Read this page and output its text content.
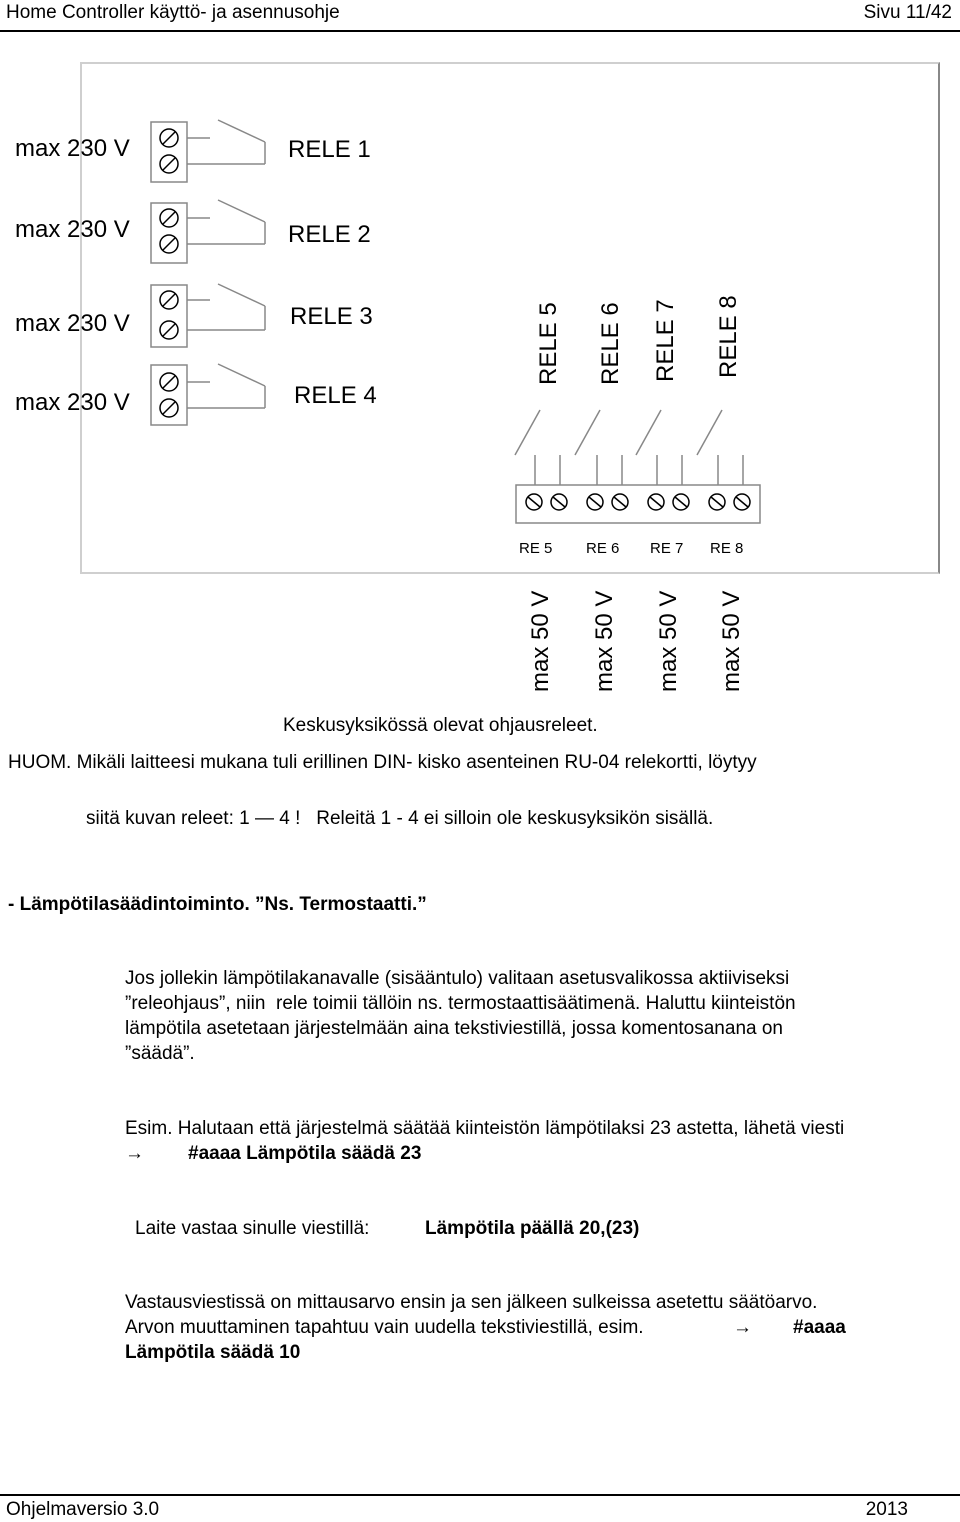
Home Controller käyttö- ja asennusohje	Sivu 11/42
max 230 V	RELE 1
max 230 V	RELE 2
max 230 V	RELE 3
max 230 V	RELE 4
RELE 5 RELE 6 RELE 7 RELE 8
RE 5 RE 6 RE 7 RE 8
max 50 V max 50 V max 50 V max 50 V
Keskusyksikössä olevat ohjausreleet.
HUOM. Mikäli laitteesi mukana tuli erillinen DIN- kisko asenteinen RU-04 relekortti, löytyy
siitä kuvan releet: 1 — 4 !   Releitä 1 - 4 ei silloin ole keskusyksikön sisällä.
- Lämpötilasäädintoiminto. ”Ns. Termostaatti.”
Jos jollekin lämpötilakanavalle (sisääntulo) valitaan asetusvalikossa aktiiviseksi
”releohjaus”, niin  rele toimii tällöin ns. termostaattisäätimenä. Haluttu kiinteistön
lämpötila asetetaan järjestelmään aina tekstiviestillä, jossa komentosanana on
”säädä”.
Esim. Halutaan että järjestelmä säätää kiinteistön lämpötilaksi 23 astetta, lähetä viesti
→ #aaaa Lämpötila säädä 23
Laite vastaa sinulle viestillä:	Lämpötila päällä 20,(23)
Vastausviestissä on mittausarvo ensin ja sen jälkeen sulkeissa asetettu säätöarvo.
Arvon muuttaminen tapahtuu vain uudella tekstiviestillä, esim.	→ #aaaa
Lämpötila säädä 10
Ohjelmaversio 3.0	2013
